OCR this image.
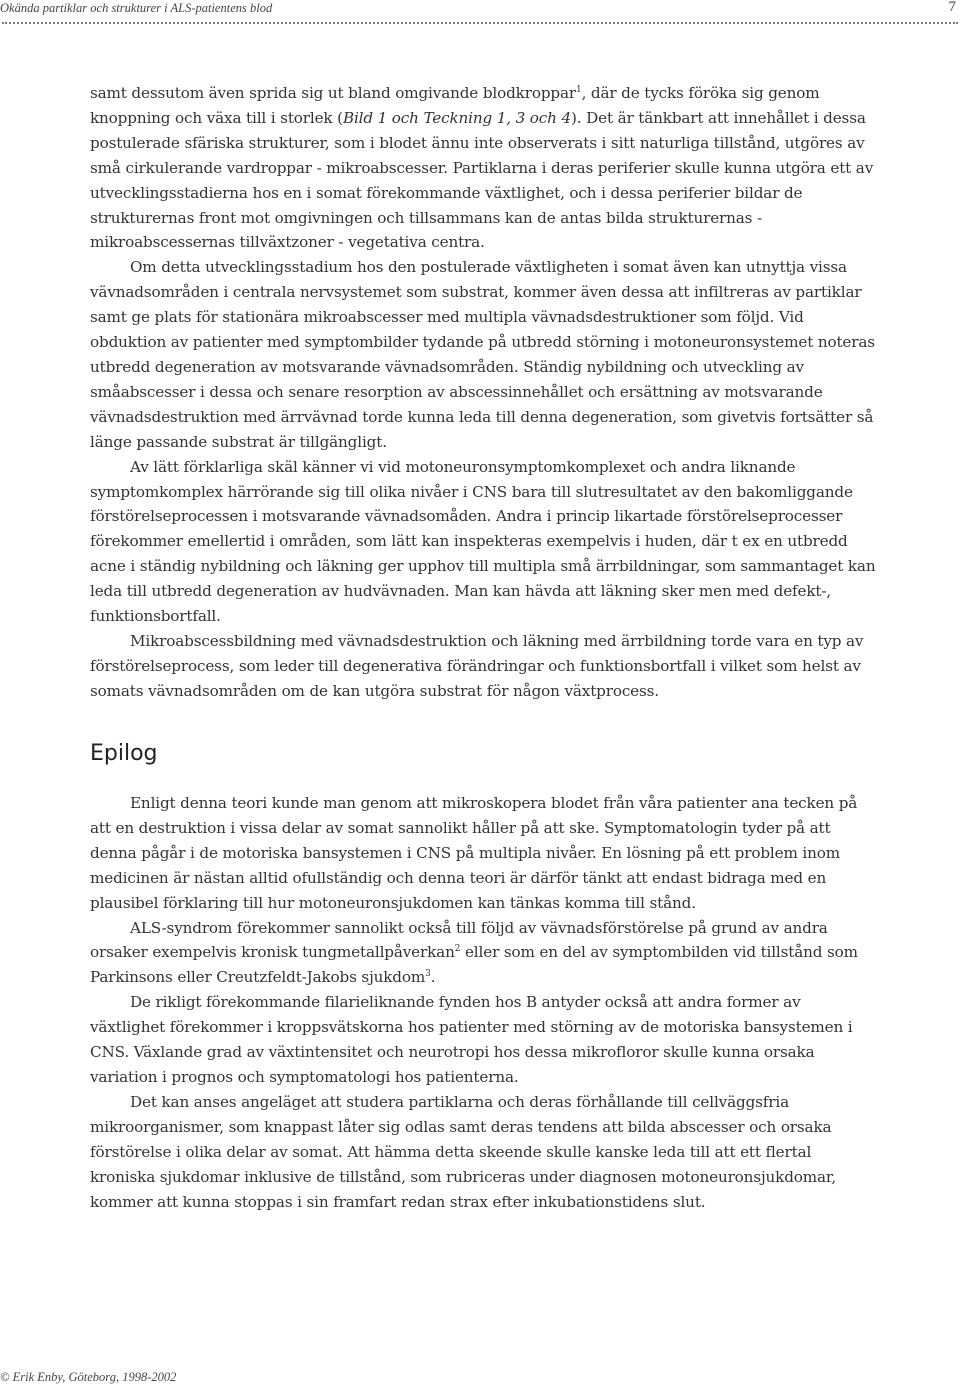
Okända partiklar och strukturer i ALS-patientens blod	7

samt dessutom även sprida sig ut bland omgivande blodkroppar$^1$, där de tycks föröka sig genom knoppning och växa till i storlek (Bild 1 och Teckning 1, 3 och 4). Det är tänkbart att innehållet i dessa postulerade sfäriska strukturer, som i blodet ännu inte observerats i sitt naturliga tillstånd, utgöres av små cirkulerande vardroppar - mikroabscesser. Partiklarna i deras periferier skulle kunna utgöra ett av utvecklingsstadierna hos en i somat förekommande växtlighet, och i dessa periferier bildar de strukturernas front mot omgivningen och tillsammans kan de antas bilda strukturernas - mikroabscessernas tillväxtzoner - vegetativa centra.

Om detta utvecklingsstadium hos den postulerade växtligheten i somat även kan utnyttja vissa vävnadsområden i centrala nervsystemet som substrat, kommer även dessa att infiltreras av partiklar samt ge plats för stationära mikroabscesser med multipla vävnadsdestruktioner som följd. Vid obduktion av patienter med symptombilder tydande på utbredd störning i motoneuronsystemet noteras utbredd degeneration av motsvarande vävnadsområden. Ständig nybildning och utveckling av småabscesser i dessa och senare resorption av abscessinnehållet och ersättning av motsvarande vävnadsdestruktion med ärrvävnad torde kunna leda till denna degeneration, som givetvis fortsätter så länge passande substrat är tillgängligt.

Av lätt förklarliga skäl känner vi vid motoneuronsymptomkomplexet och andra liknande symptomkomplex härrörande sig till olika nivåer i CNS bara till slutresultatet av den bakomliggande förstörelseprocessen i motsvarande vävnadsomåden. Andra i princip likartade förstörelseprocesser förekommer emellertid i områden, som lätt kan inspekteras exempelvis i huden, där t ex en utbredd acne i ständig nybildning och läkning ger upphov till multipla små ärrbildningar, som sammantaget kan leda till utbredd degeneration av hudvävnaden. Man kan hävda att läkning sker men med defekt-, funktionsbortfall.

Mikroabscessbildning med vävnadsdestruktion och läkning med ärrbildning torde vara en typ av förstörelseprocess, som leder till degenerativa förändringar och funktionsbortfall i vilket som helst av somats vävnadsområden om de kan utgöra substrat för någon växtprocess.

Epilog

Enligt denna teori kunde man genom att mikroskopera blodet från våra patienter ana tecken på att en destruktion i vissa delar av somat sannolikt håller på att ske. Symptomatologin tyder på att denna pågår i de motoriska bansystemen i CNS på multipla nivåer. En lösning på ett problem inom medicinen är nästan alltid ofullständig och denna teori är därför tänkt att endast bidraga med en plausibel förklaring till hur motoneuronsjukdomen kan tänkas komma till stånd.

ALS-syndrom förekommer sannolikt också till följd av vävnadsförstörelse på grund av andra orsaker exempelvis kronisk tungmetallpåverkan$^2$ eller som en del av symptombilden vid tillstånd som Parkinsons eller Creutzfeldt-Jakobs sjukdom$^3$.

De rikligt förekommande filarieliknande fynden hos B antyder också att andra former av växtlighet förekommer i kroppsvätskorna hos patienter med störning av de motoriska bansystemen i CNS. Växlande grad av växtintensitet och neurotropi hos dessa mikrofloror skulle kunna orsaka variation i prognos och symptomatologi hos patienterna.

Det kan anses angeläget att studera partiklarna och deras förhållande till cellväggsfria mikroorganismer, som knappast låter sig odlas samt deras tendens att bilda abscesser och orsaka förstörelse i olika delar av somat. Att hämma detta skeende skulle kanske leda till att ett flertal kroniska sjukdomar inklusive de tillstånd, som rubriceras under diagnosen motoneuronsjukdomar, kommer att kunna stoppas i sin framfart redan strax efter inkubationstidens slut.

© Erik Enby, Göteborg, 1998-2002
